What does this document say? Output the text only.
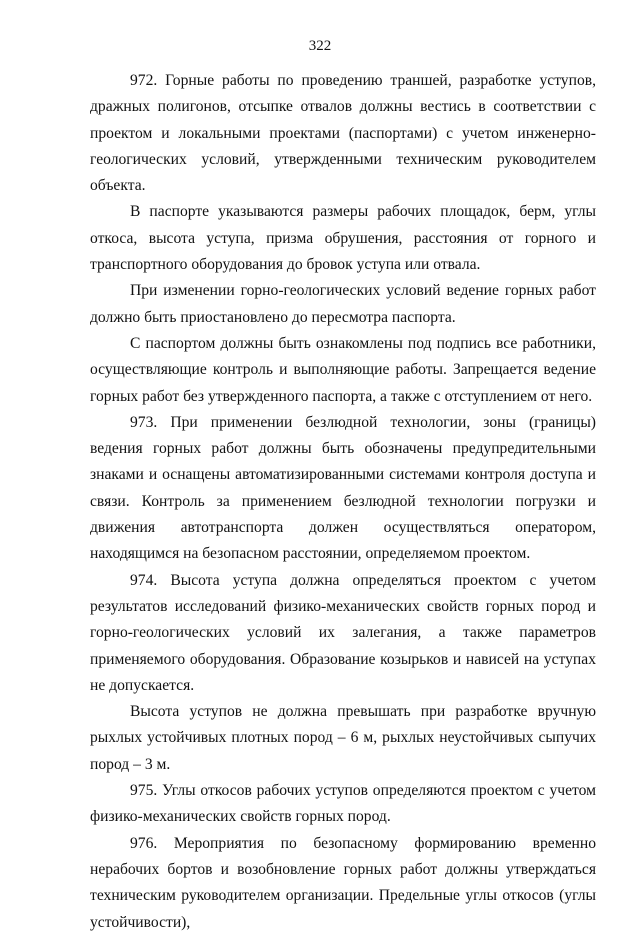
322

972. Горные работы по проведению траншей, разработке уступов, дражных полигонов, отсыпке отвалов должны вестись в соответствии с проектом и локальными проектами (паспортами) с учетом инженерно-геологических условий, утвержденными техническим руководителем объекта.

В паспорте указываются размеры рабочих площадок, берм, углы откоса, высота уступа, призма обрушения, расстояния от горного и транспортного оборудования до бровок уступа или отвала.

При изменении горно-геологических условий ведение горных работ должно быть приостановлено до пересмотра паспорта.

С паспортом должны быть ознакомлены под подпись все работники, осуществляющие контроль и выполняющие работы. Запрещается ведение горных работ без утвержденного паспорта, а также с отступлением от него.

973. При применении безлюдной технологии, зоны (границы) ведения горных работ должны быть обозначены предупредительными знаками и оснащены автоматизированными системами контроля доступа и связи. Контроль за применением безлюдной технологии погрузки и движения автотранспорта должен осуществляться оператором, находящимся на безопасном расстоянии, определяемом проектом.

974. Высота уступа должна определяться проектом с учетом результатов исследований физико-механических свойств горных пород и горно-геологических условий их залегания, а также параметров применяемого оборудования. Образование козырьков и нависей на уступах не допускается.

Высота уступов не должна превышать при разработке вручную рыхлых устойчивых плотных пород – 6 м, рыхлых неустойчивых сыпучих пород – 3 м.

975. Углы откосов рабочих уступов определяются проектом с учетом физико-механических свойств горных пород.

976. Мероприятия по безопасному формированию временно нерабочих бортов и возобновление горных работ должны утверждаться техническим руководителем организации. Предельные углы откосов (углы устойчивости),
